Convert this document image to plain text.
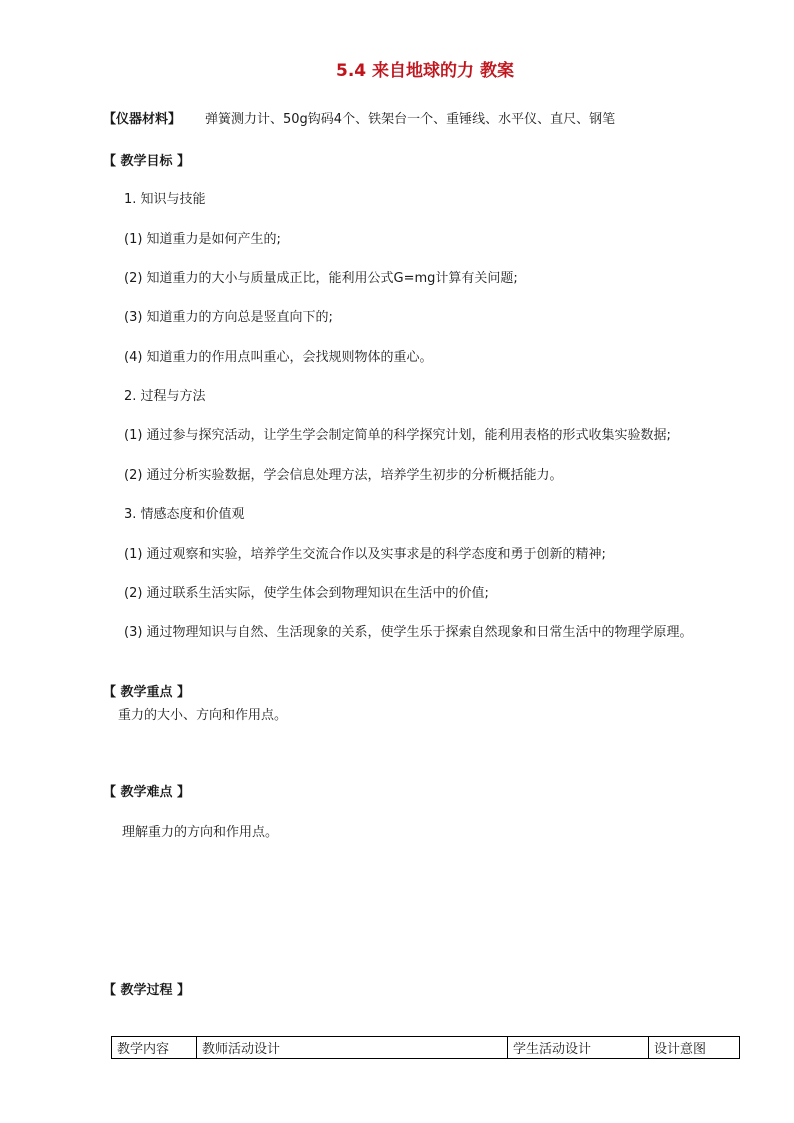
5.4 来自地球的力 教案
【仪器材料】 弹簧测力计、50g钩码4个、铁架台一个、重锤线、水平仪、直尺、钢笔
【 教学目标 】
1. 知识与技能
(1) 知道重力是如何产生的;
(2) 知道重力的大小与质量成正比，能利用公式G=mg计算有关问题;
(3) 知道重力的方向总是竖直向下的;
(4) 知道重力的作用点叫重心，会找规则物体的重心。
2. 过程与方法
(1) 通过参与探究活动，让学生学会制定简单的科学探究计划，能利用表格的形式收集实验数据;
(2) 通过分析实验数据，学会信息处理方法，培养学生初步的分析概括能力。
3. 情感态度和价值观
(1) 通过观察和实验，培养学生交流合作以及实事求是的科学态度和勇于创新的精神;
(2) 通过联系生活实际，使学生体会到物理知识在生活中的价值;
(3) 通过物理知识与自然、生活现象的关系，使学生乐于探索自然现象和日常生活中的物理学原理。
【 教学重点 】
重力的大小、方向和作用点。
【 教学难点 】
理解重力的方向和作用点。
【 教学过程 】
教学内容	教师活动设计	学生活动设计	设计意图
